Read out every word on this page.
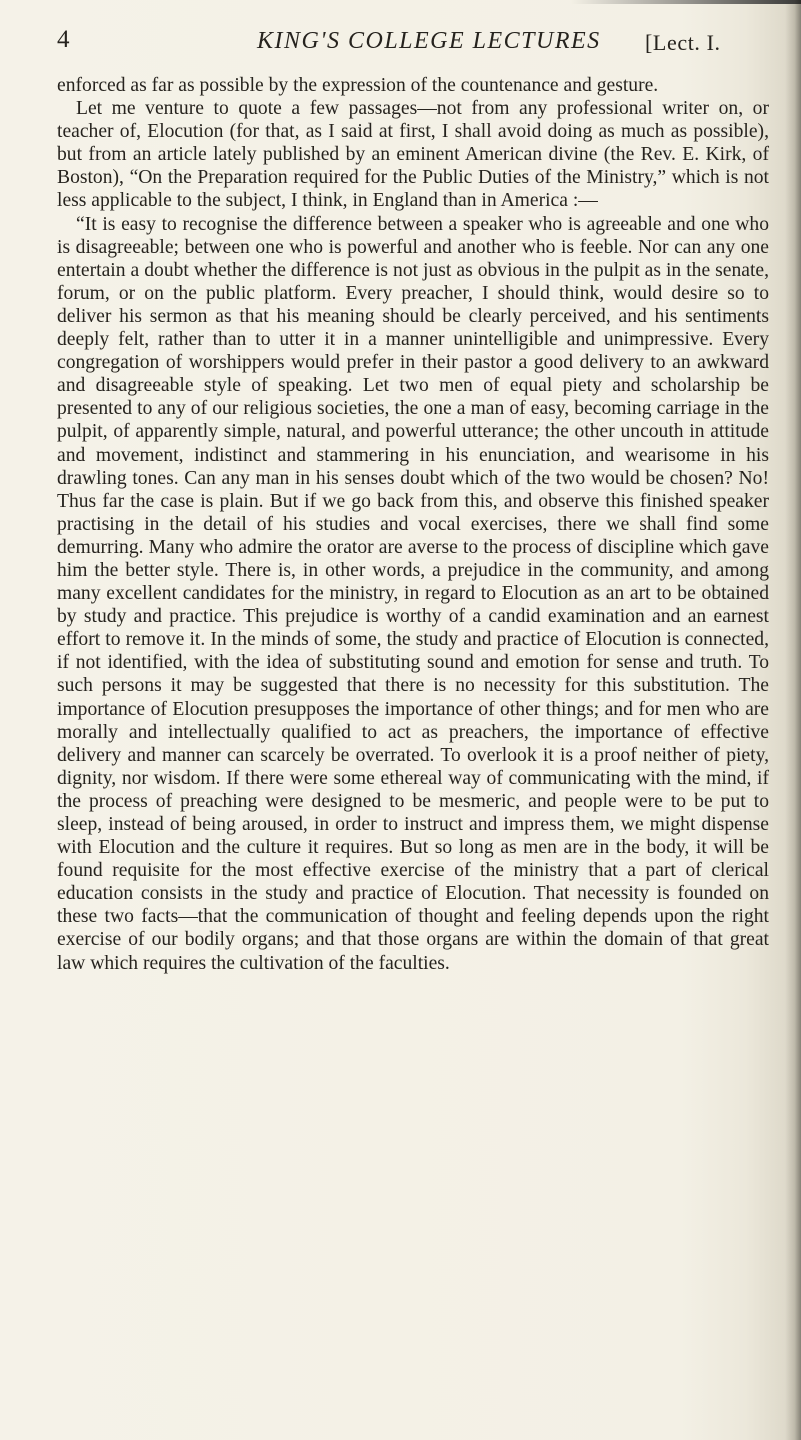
4	KING'S COLLEGE LECTURES [Lect. I.

enforced as far as possible by the expression of the countenance and gesture.

Let me venture to quote a few passages—not from any professional writer on, or teacher of, Elocution (for that, as I said at first, I shall avoid doing as much as possible), but from an article lately published by an eminent American divine (the Rev. E. Kirk, of Boston), “On the Preparation required for the Public Duties of the Ministry,” which is not less applicable to the subject, I think, in England than in America :—

“It is easy to recognise the difference between a speaker who is agreeable and one who is disagreeable; between one who is powerful and another who is feeble. Nor can any one entertain a doubt whether the difference is not just as obvious in the pulpit as in the senate, forum, or on the public platform. Every preacher, I should think, would desire so to deliver his sermon as that his meaning should be clearly perceived, and his sentiments deeply felt, rather than to utter it in a manner unintelligible and unimpressive. Every congregation of worshippers would prefer in their pastor a good delivery to an awkward and disagreeable style of speaking. Let two men of equal piety and scholarship be presented to any of our religious societies, the one a man of easy, becoming carriage in the pulpit, of apparently simple, natural, and powerful utterance; the other uncouth in attitude and movement, indistinct and stammering in his enunciation, and wearisome in his drawling tones. Can any man in his senses doubt which of the two would be chosen? No! Thus far the case is plain. But if we go back from this, and observe this finished speaker practising in the detail of his studies and vocal exercises, there we shall find some demurring. Many who admire the orator are averse to the process of discipline which gave him the better style. There is, in other words, a prejudice in the community, and among many excellent candidates for the ministry, in regard to Elocution as an art to be obtained by study and practice. This prejudice is worthy of a candid examination and an earnest effort to remove it. In the minds of some, the study and practice of Elocution is connected, if not identified, with the idea of substituting sound and emotion for sense and truth. To such persons it may be suggested that there is no necessity for this substitution. The importance of Elocution presupposes the importance of other things; and for men who are morally and intellectually qualified to act as preachers, the importance of effective delivery and manner can scarcely be overrated. To overlook it is a proof neither of piety, dignity, nor wisdom. If there were some ethereal way of communicating with the mind, if the process of preaching were designed to be mesmeric, and people were to be put to sleep, instead of being aroused, in order to instruct and impress them, we might dispense with Elocution and the culture it requires. But so long as men are in the body, it will be found requisite for the most effective exercise of the ministry that a part of clerical education consists in the study and practice of Elocution. That necessity is founded on these two facts—that the communication of thought and feeling depends upon the right exercise of our bodily organs; and that those organs are within the domain of that great law which requires the cultivation of the faculties.
